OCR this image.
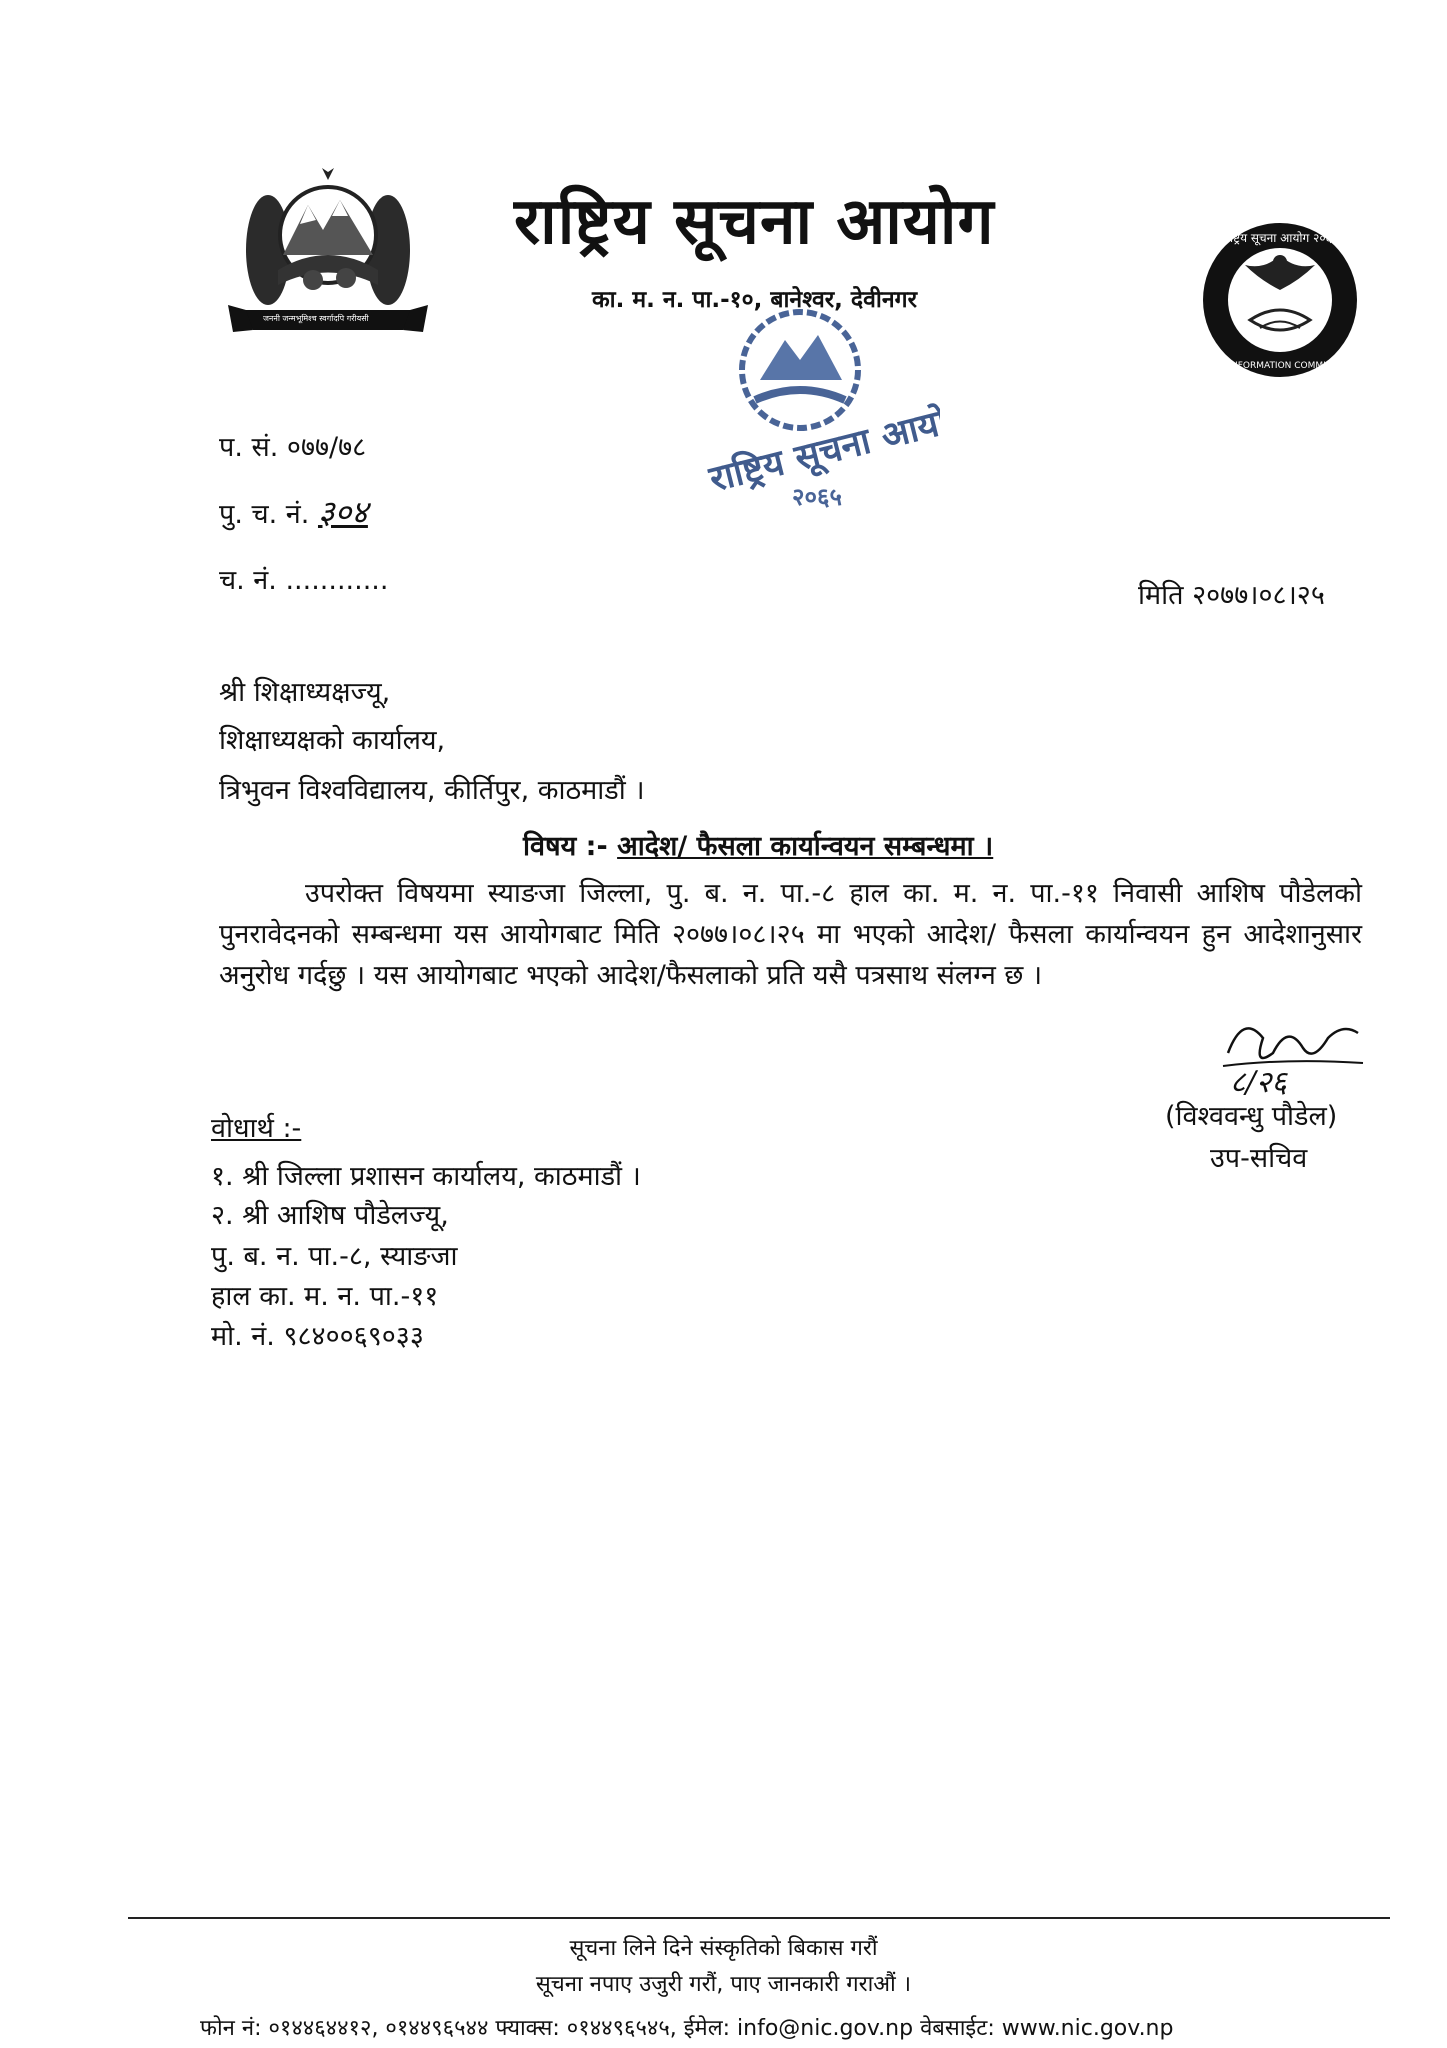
जननी जन्मभूमिश्च स्वर्गादपि गरीयसी
राष्ट्रिय सूचना आयोग
का. म. न. पा.-१०, बानेश्वर, देवीनगर
राष्ट्रिय सूचना आयोग २०६५
ONAL INFORMATION COMMISSION-2
राष्ट्रिय सूचना आयोग
२०६५
प. सं. ०७७/७८
पु. च. नं. ३०४
च. नं. ............	मिति २०७७।०८।२५
श्री शिक्षाध्यक्षज्यू,
शिक्षाध्यक्षको कार्यालय,
त्रिभुवन विश्वविद्यालय, कीर्तिपुर, काठमाडौं ।
विषय :- आदेश/ फैसला कार्यान्वयन सम्बन्धमा ।
उपरोक्त विषयमा स्याङजा जिल्ला, पु. ब. न. पा.-८ हाल का. म. न. पा.-११ निवासी आशिष पौडेलको पुनरावेदनको सम्बन्धमा यस आयोगबाट मिति २०७७।०८।२५ मा भएको आदेश/ फैसला कार्यान्वयन हुन आदेशानुसार अनुरोध गर्दछु । यस आयोगबाट भएको आदेश/फैसलाको प्रति यसै पत्रसाथ संलग्न छ ।
८/२६
(विश्ववन्धु पौडेल)
उप-सचिव
वोधार्थ :-
१. श्री जिल्ला प्रशासन कार्यालय, काठमाडौं ।
२. श्री आशिष पौडेलज्यू,
पु. ब. न. पा.-८, स्याङजा
हाल का. म. न. पा.-११
मो. नं. ९८४००६९०३३
सूचना लिने दिने संस्कृतिको बिकास गरौं
सूचना नपाए उजुरी गरौं, पाए जानकारी गराऔं ।
फोन नं: ०१४४६४४१२, ०१४४९६५४४ फ्याक्स: ०१४४९६५४५, ईमेल: info@nic.gov.np वेबसाईट: www.nic.gov.np
